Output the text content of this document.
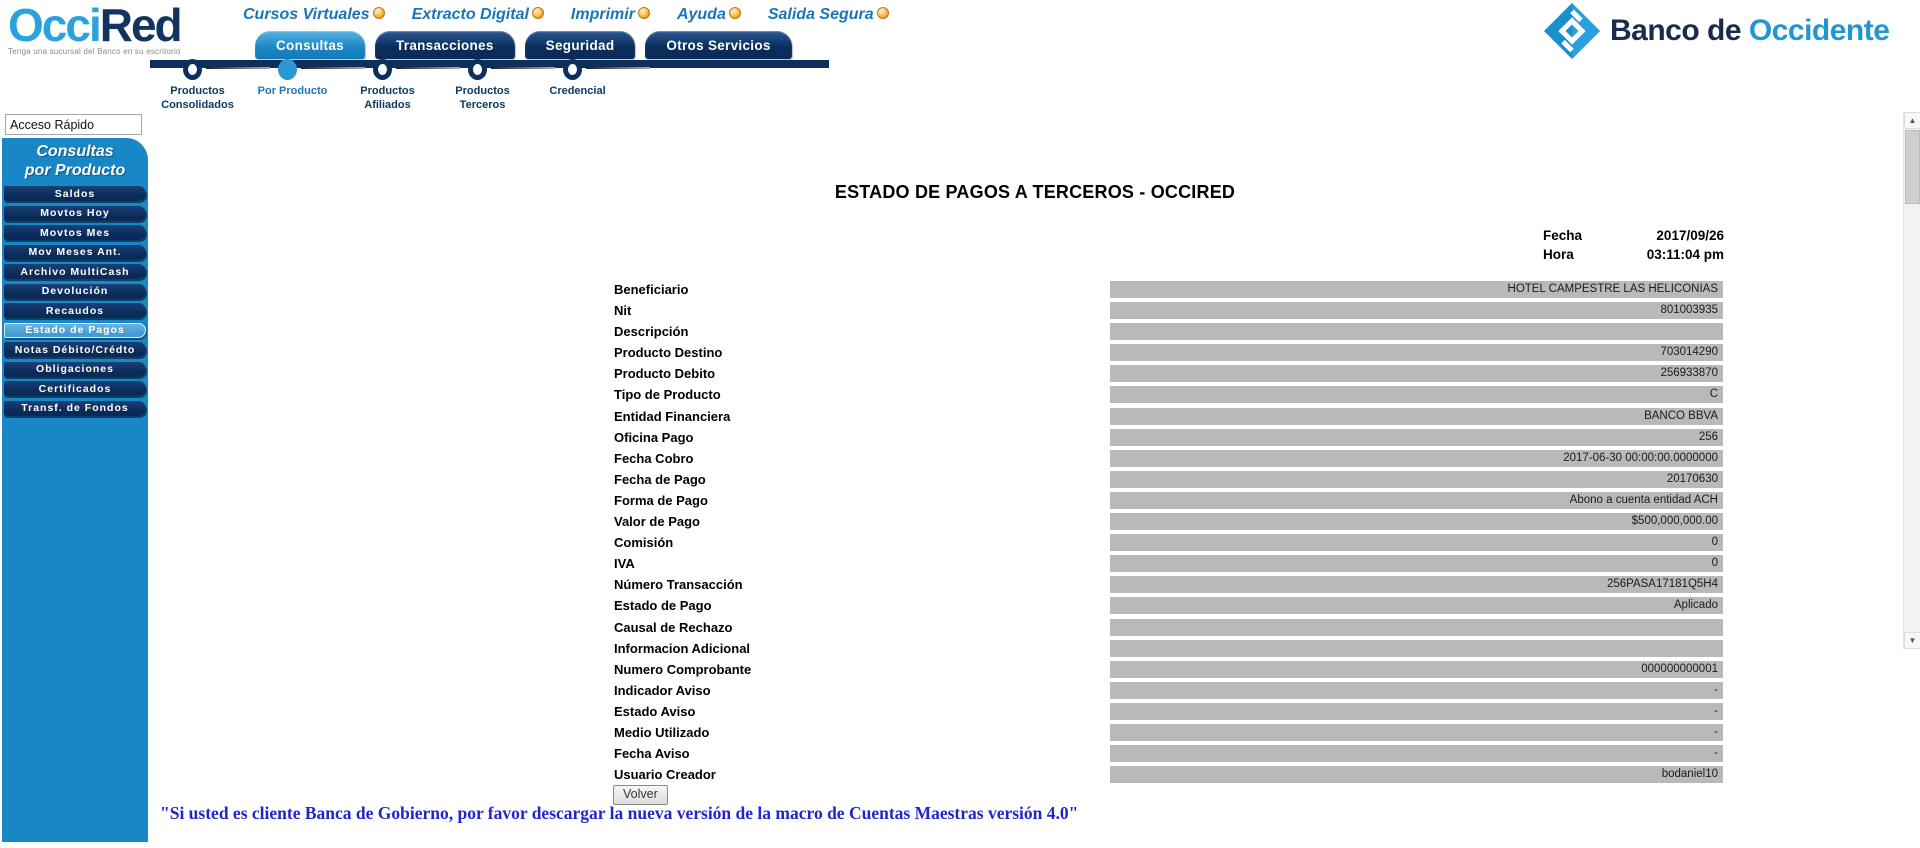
OcciRed
Tenga una sucursal del Banco en su escritorio
Cursos Virtuales	Extracto Digital	Imprimir	Ayuda	Salida Segura
Consultas	Transacciones	Seguridad	Otros Servicios
Productos Consolidados
Por Producto	Productos Afiliados
Productos Terceros
Credencial
Banco de Occidente
Acceso Rápido
Consultas
por Producto
Saldos
Movtos Hoy
Movtos Mes
Mov Meses Ant.
Archivo MultiCash
Devolución
Recaudos
Estado de Pagos
Notas Débito/Crédto
Obligaciones
Certificados
Transf. de Fondos
ESTADO DE PAGOS A TERCEROS - OCCIRED
Fecha	2017/09/26
Hora	03:11:04 pm
Beneficiario	HOTEL CAMPESTRE LAS HELICONIAS
Nit	801003935
Descripción
Producto Destino	703014290
Producto Debito	256933870
Tipo de Producto	C
Entidad Financiera	BANCO BBVA
Oficina Pago	256
Fecha Cobro	2017-06-30 00:00:00.0000000
Fecha de Pago	20170630
Forma de Pago	Abono a cuenta entidad ACH
Valor de Pago	$500,000,000.00
Comisión	0
IVA	0
Número Transacción	256PASA17181Q5H4
Estado de Pago	Aplicado
Causal de Rechazo
Informacion Adicional
Numero Comprobante	000000000001
Indicador Aviso	-
Estado Aviso	-
Medio Utilizado	-
Fecha Aviso	-
Usuario Creador	bodaniel10
Volver
"Si usted es cliente Banca de Gobierno, por favor descargar la nueva versión de la macro de Cuentas Maestras versión 4.0"
▲
▼
